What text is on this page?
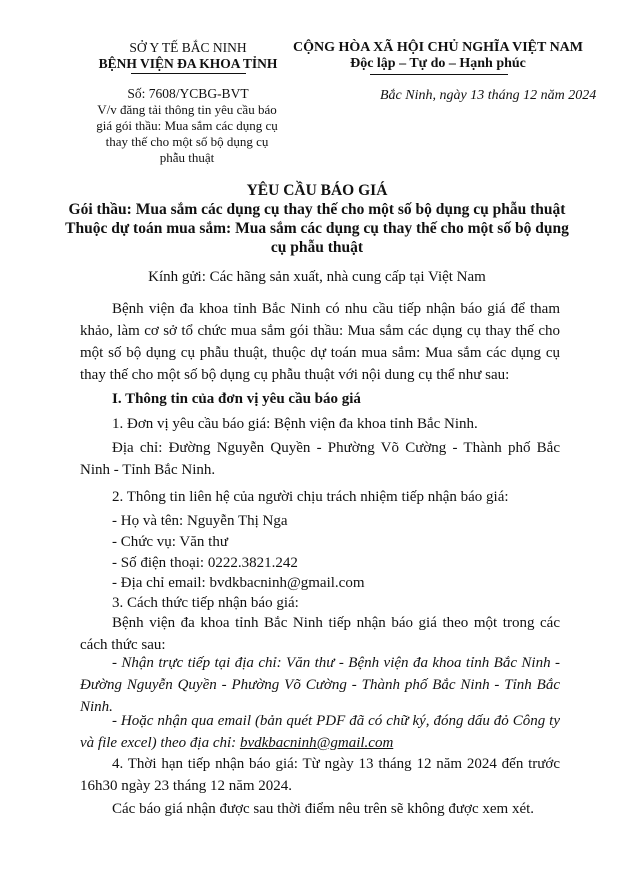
SỞ Y TẾ BẮC NINH
BỆNH VIỆN ĐA KHOA TỈNH
Số: 7608/YCBG-BVT
V/v đăng tải thông tin yêu cầu báo giá gói thầu: Mua sắm các dụng cụ thay thế cho một số bộ dụng cụ phẫu thuật
CỘNG HÒA XÃ HỘI CHỦ NGHĨA VIỆT NAM
Độc lập – Tự do – Hạnh phúc
Bắc Ninh, ngày 13 tháng 12 năm 2024
YÊU CẦU BÁO GIÁ
Gói thầu: Mua sắm các dụng cụ thay thế cho một số bộ dụng cụ phẫu thuật
Thuộc dự toán mua sắm: Mua sắm các dụng cụ thay thế cho một số bộ dụng cụ phẫu thuật
Kính gửi: Các hãng sản xuất, nhà cung cấp tại Việt Nam
Bệnh viện đa khoa tỉnh Bắc Ninh có nhu cầu tiếp nhận báo giá để tham khảo, làm cơ sở tổ chức mua sắm gói thầu: Mua sắm các dụng cụ thay thế cho một số bộ dụng cụ phẫu thuật, thuộc dự toán mua sắm: Mua sắm các dụng cụ thay thế cho một số bộ dụng cụ phẫu thuật với nội dung cụ thể như sau:
I. Thông tin của đơn vị yêu cầu báo giá
1. Đơn vị yêu cầu báo giá: Bệnh viện đa khoa tỉnh Bắc Ninh.
Địa chỉ: Đường Nguyễn Quyền - Phường Võ Cường - Thành phố Bắc Ninh - Tỉnh Bắc Ninh.
2. Thông tin liên hệ của người chịu trách nhiệm tiếp nhận báo giá:
- Họ và tên: Nguyễn Thị Nga
- Chức vụ: Văn thư
- Số điện thoại: 0222.3821.242
- Địa chỉ email: bvdkbacninh@gmail.com
3. Cách thức tiếp nhận báo giá:
Bệnh viện đa khoa tỉnh Bắc Ninh tiếp nhận báo giá theo một trong các cách thức sau:
- Nhận trực tiếp tại địa chỉ: Văn thư - Bệnh viện đa khoa tỉnh Bắc Ninh - Đường Nguyễn Quyền - Phường Võ Cường - Thành phố Bắc Ninh - Tỉnh Bắc Ninh.
- Hoặc nhận qua email (bản quét PDF đã có chữ ký, đóng dấu đỏ Công ty và file excel) theo địa chỉ: bvdkbacninh@gmail.com
4. Thời hạn tiếp nhận báo giá: Từ ngày 13 tháng 12 năm 2024 đến trước 16h30 ngày 23 tháng 12 năm 2024.
Các báo giá nhận được sau thời điểm nêu trên sẽ không được xem xét.
